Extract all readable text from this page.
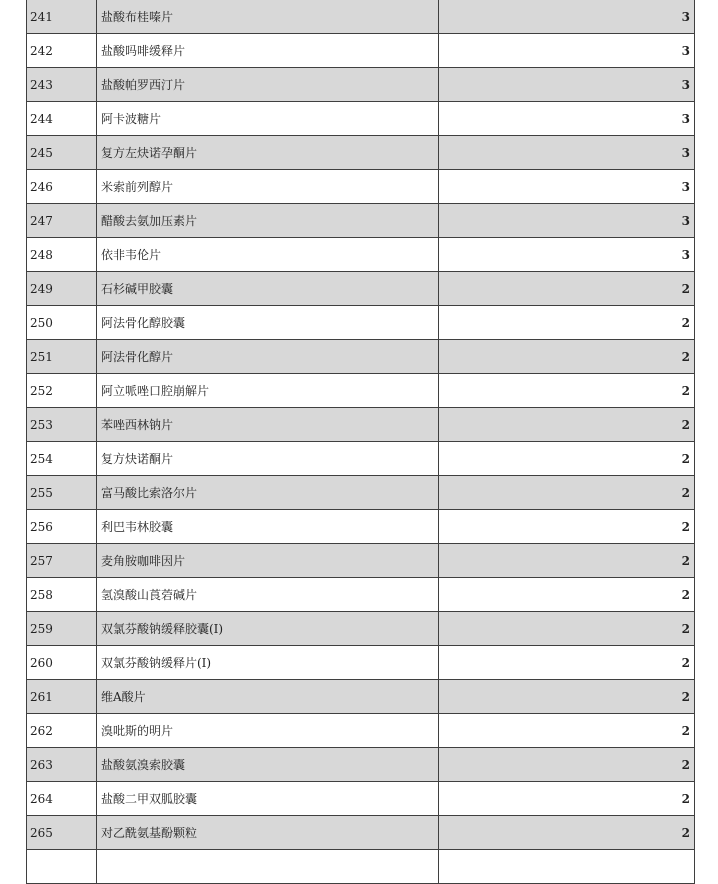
241	盐酸布桂嗪片	3
242	盐酸吗啡缓释片	3
243	盐酸帕罗西汀片	3
244	阿卡波糖片	3
245	复方左炔诺孕酮片	3
246	米索前列醇片	3
247	醋酸去氨加压素片	3
248	依非韦伦片	3
249	石杉碱甲胶囊	2
250	阿法骨化醇胶囊	2
251	阿法骨化醇片	2
252	阿立哌唑口腔崩解片	2
253	苯唑西林钠片	2
254	复方炔诺酮片	2
255	富马酸比索洛尔片	2
256	利巴韦林胶囊	2
257	麦角胺咖啡因片	2
258	氢溴酸山莨菪碱片	2
259	双氯芬酸钠缓释胶囊(I)	2
260	双氯芬酸钠缓释片(I)	2
261	维A酸片	2
262	溴吡斯的明片	2
263	盐酸氨溴索胶囊	2
264	盐酸二甲双胍胶囊	2
265	对乙酰氨基酚颗粒	2
